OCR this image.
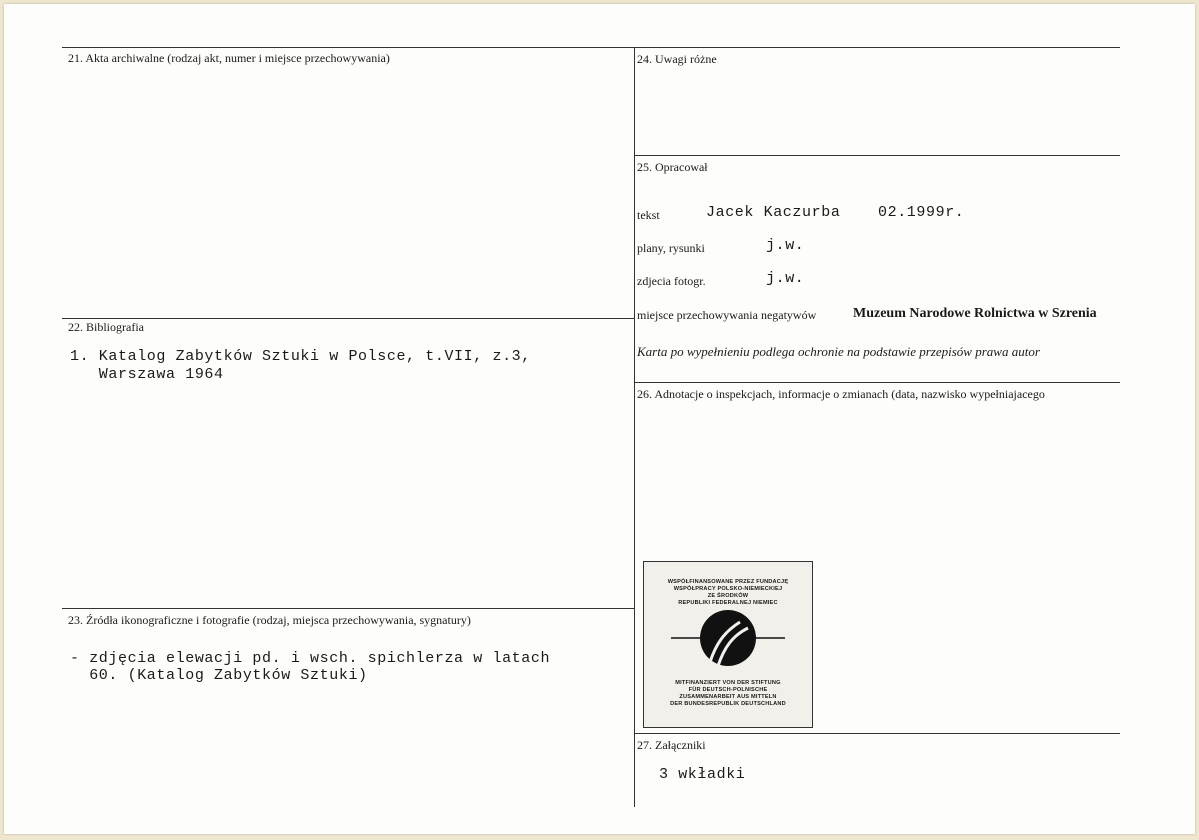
21. Akta archiwalne (rodzaj akt, numer i miejsce przechowywania)
22. Bibliografia
1. Katalog Zabytków Sztuki w Polsce, t.VII, z.3,
Warszawa 1964
23. Źródła ikonograficzne i fotografie (rodzaj, miejsca przechowywania, sygnatury)
- zdjęcia elewacji pd. i wsch. spichlerza w latach
60. (Katalog Zabytków Sztuki)
24. Uwagi różne
25. Opracował
tekst	Jacek Kaczurba	02.1999r.
plany, rysunki	j.w.
zdjecia fotogr.	j.w.
miejsce przechowywania negatywów	Muzeum Narodowe Rolnictwa w Szrenia
Karta po wypełnieniu podlega ochronie na podstawie przepisów prawa autor
26. Adnotacje o inspekcjach, informacje o zmianach (data, nazwisko wypełniajacego
WSPÓŁFINANSOWANE PRZEZ FUNDACJĘ
WSPÓŁPRACY POLSKO-NIEMIECKIEJ
ZE ŚRODKÓW
REPUBLIKI FEDERALNEJ NIEMIEC
MITFINANZIERT VON DER STIFTUNG
FÜR DEUTSCH-POLNISCHE
ZUSAMMENARBEIT AUS MITTELN
DER BUNDESREPUBLIK DEUTSCHLAND
27. Załączniki
3 wkładki
